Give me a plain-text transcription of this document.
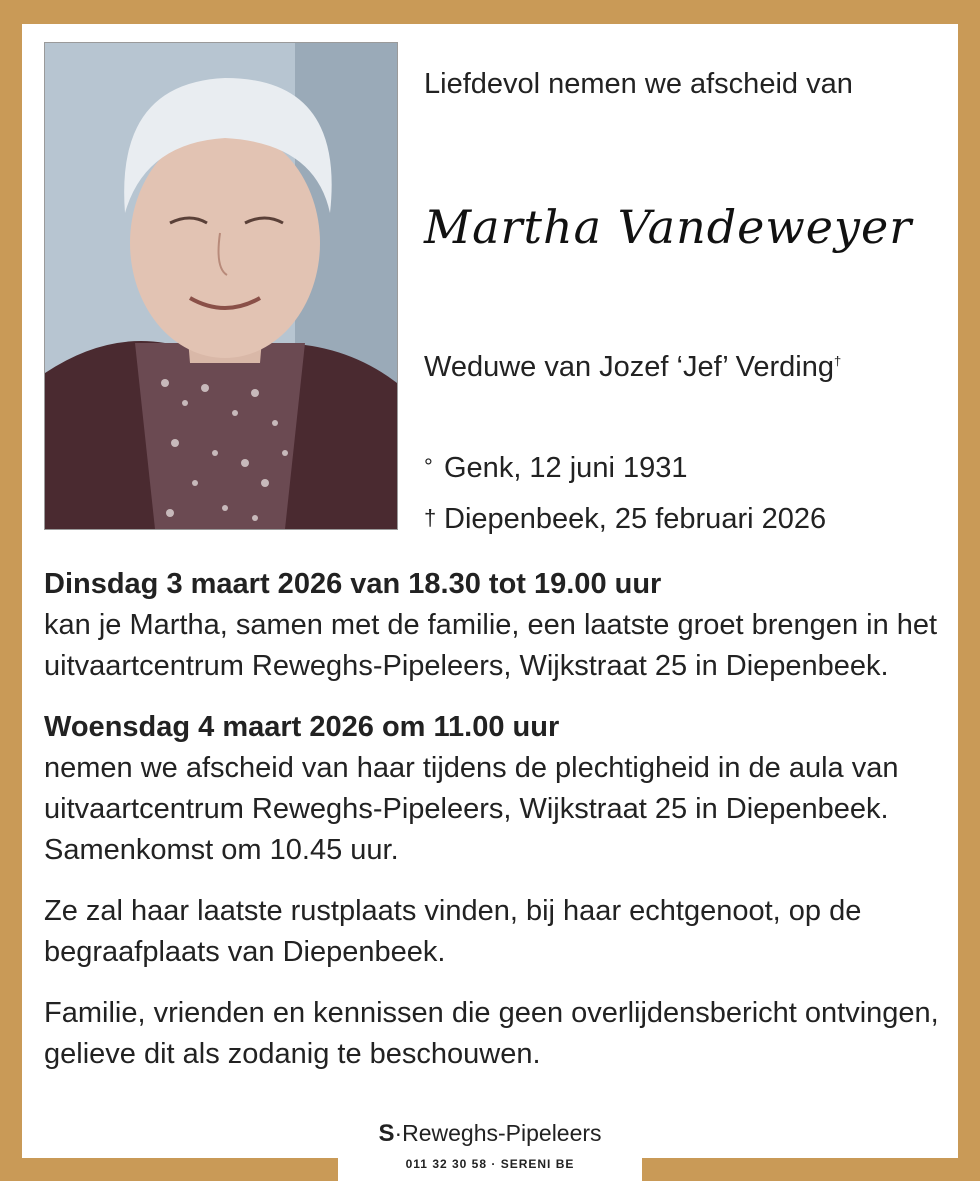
Liefdevol nemen we afscheid van
Martha Vandeweyer
Weduwe van Jozef ‘Jef’ Verding†
° Genk, 12 juni 1931
† Diepenbeek, 25 februari 2026

Dinsdag 3 maart 2026 van 18.30 tot 19.00 uur
kan je Martha, samen met de familie, een laatste groet brengen in het uitvaartcentrum Reweghs-Pipeleers, Wijkstraat 25 in Diepenbeek.

Woensdag 4 maart 2026 om 11.00 uur
nemen we afscheid van haar tijdens de plechtigheid in de aula van uitvaartcentrum Reweghs-Pipeleers, Wijkstraat 25 in Diepenbeek. Samenkomst om 10.45 uur.

Ze zal haar laatste rustplaats vinden, bij haar echtgenoot, op de begraafplaats van Diepenbeek.

Familie, vrienden en kennissen die geen overlijdensbericht ontvingen, gelieve dit als zodanig te beschouwen.

S·Reweghs-Pipeleers
011 32 30 58 · SERENI BE
